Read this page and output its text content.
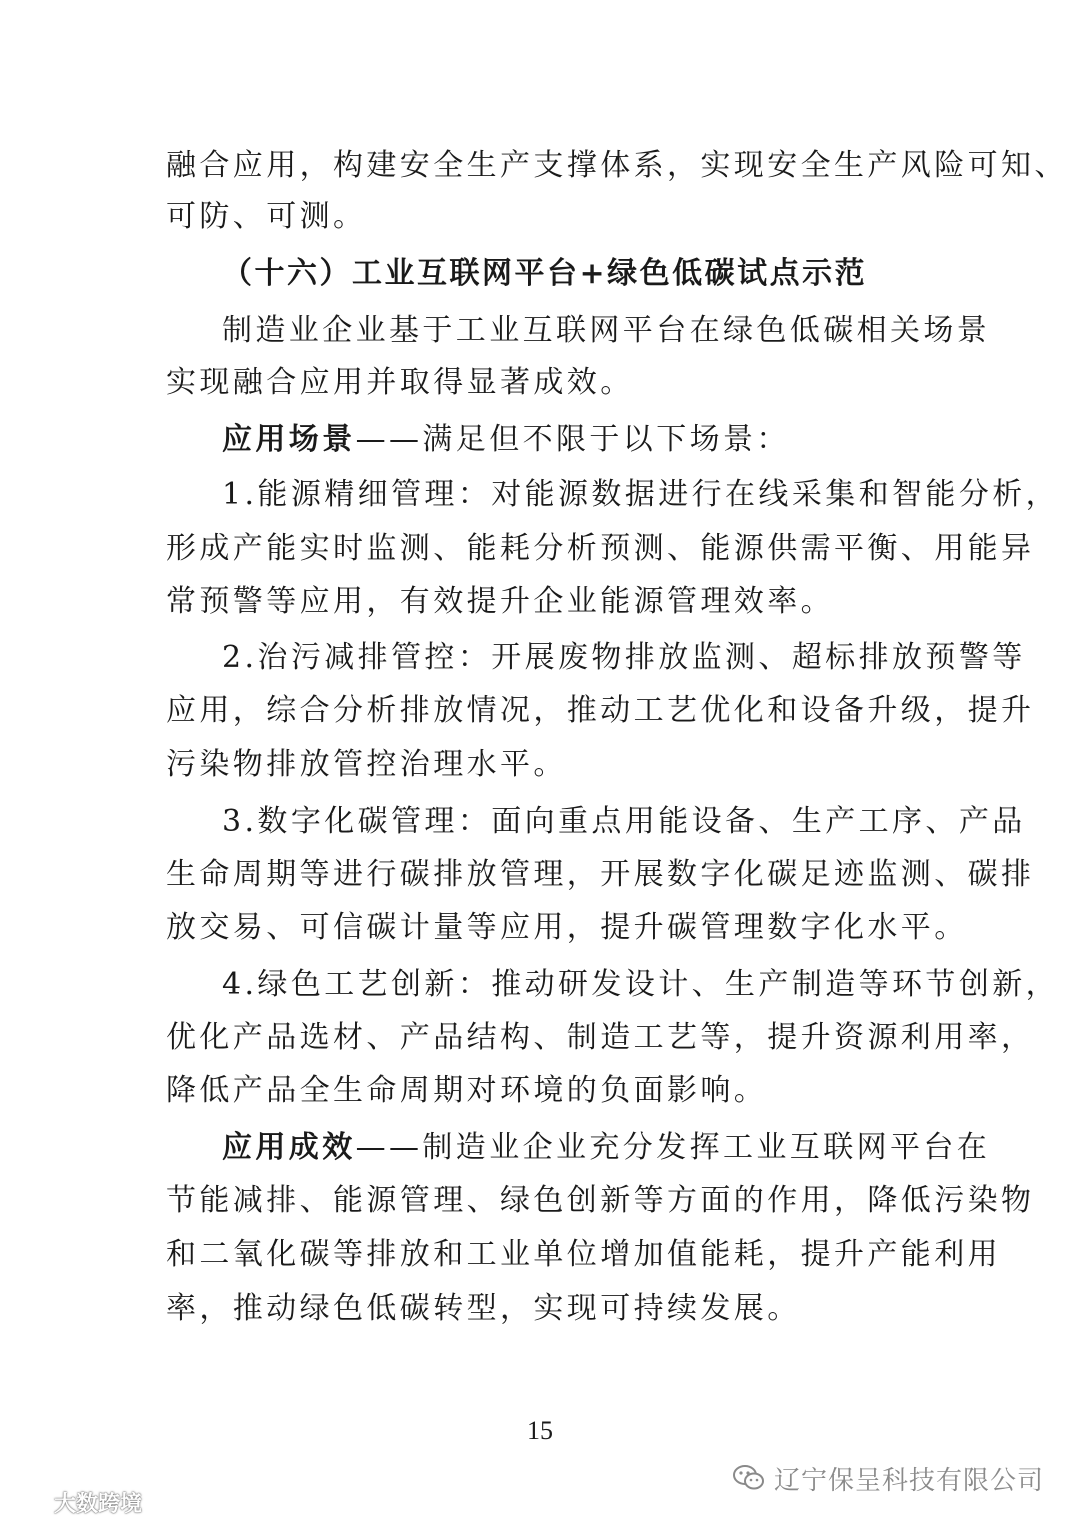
融合应用，构建安全生产支撑体系，实现安全生产风险可知、
可防、可测。
（十六）工业互联网平台+绿色低碳试点示范
制造业企业基于工业互联网平台在绿色低碳相关场景
实现融合应用并取得显著成效。
应用场景——满足但不限于以下场景：
1.能源精细管理：对能源数据进行在线采集和智能分析，
形成产能实时监测、能耗分析预测、能源供需平衡、用能异
常预警等应用，有效提升企业能源管理效率。
2.治污减排管控：开展废物排放监测、超标排放预警等
应用，综合分析排放情况，推动工艺优化和设备升级，提升
污染物排放管控治理水平。
3.数字化碳管理：面向重点用能设备、生产工序、产品
生命周期等进行碳排放管理，开展数字化碳足迹监测、碳排
放交易、可信碳计量等应用，提升碳管理数字化水平。
4.绿色工艺创新：推动研发设计、生产制造等环节创新，
优化产品选材、产品结构、制造工艺等，提升资源利用率，
降低产品全生命周期对环境的负面影响。
应用成效——制造业企业充分发挥工业互联网平台在
节能减排、能源管理、绿色创新等方面的作用，降低污染物
和二氧化碳等排放和工业单位增加值能耗，提升产能利用
率，推动绿色低碳转型，实现可持续发展。
15
辽宁保呈科技有限公司
大数跨境
